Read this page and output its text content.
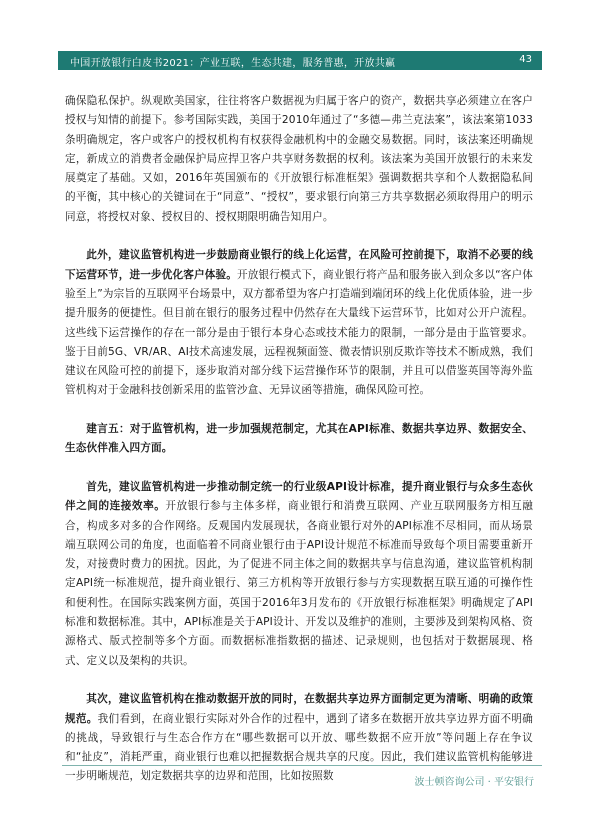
中国开放银行白皮书2021：产业互联，生态共建，服务普惠，开放共赢	43

确保隐私保护。纵观欧美国家，往往将客户数据视为归属于客户的资产，数据共享必须建立在客户授权与知情的前提下。参考国际实践，美国于2010年通过了“多德—弗兰克法案”，该法案第1033条明确规定，客户或客户的授权机构有权获得金融机构中的金融交易数据。同时，该法案还明确规定，新成立的消费者金融保护局应捍卫客户共享财务数据的权利。该法案为美国开放银行的未来发展奠定了基础。又如，2016年英国颁布的《开放银行标准框架》强调数据共享和个人数据隐私间的平衡，其中核心的关键词在于“同意”、“授权”，要求银行向第三方共享数据必须取得用户的明示同意，将授权对象、授权目的、授权期限明确告知用户。

此外，建议监管机构进一步鼓励商业银行的线上化运营，在风险可控前提下，取消不必要的线下运营环节，进一步优化客户体验。开放银行模式下，商业银行将产品和服务嵌入到众多以“客户体验至上”为宗旨的互联网平台场景中，双方都希望为客户打造端到端闭环的线上化优质体验，进一步提升服务的便捷性。但目前在银行的服务过程中仍然存在大量线下运营环节，比如对公开户流程。这些线下运营操作的存在一部分是由于银行本身心态或技术能力的限制，一部分是由于监管要求。鉴于目前5G、VR/AR、AI技术高速发展，远程视频面签、微表情识别反欺诈等技术不断成熟，我们建议在风险可控的前提下，逐步取消对部分线下运营操作环节的限制，并且可以借鉴英国等海外监管机构对于金融科技创新采用的监管沙盒、无异议函等措施，确保风险可控。

建言五：对于监管机构，进一步加强规范制定，尤其在API标准、数据共享边界、数据安全、生态伙伴准入四方面。

首先，建议监管机构进一步推动制定统一的行业级API设计标准，提升商业银行与众多生态伙伴之间的连接效率。开放银行参与主体多样，商业银行和消费互联网、产业互联网服务方相互融合，构成多对多的合作网络。反观国内发展现状，各商业银行对外的API标准不尽相同，而从场景端互联网公司的角度，也面临着不同商业银行由于API设计规范不标准而导致每个项目需要重新开发，对接费时费力的困扰。因此，为了促进不同主体之间的数据共享与信息沟通，建议监管机构制定API统一标准规范，提升商业银行、第三方机构等开放银行参与方实现数据互联互通的可操作性和便利性。在国际实践案例方面，英国于2016年3月发布的《开放银行标准框架》明确规定了API标准和数据标准。其中，API标准是关于API设计、开发以及维护的准则，主要涉及到架构风格、资源格式、版式控制等多个方面。而数据标准指数据的描述、记录规则，也包括对于数据展现、格式、定义以及架构的共识。

其次，建议监管机构在推动数据开放的同时，在数据共享边界方面制定更为清晰、明确的政策规范。我们看到，在商业银行实际对外合作的过程中，遇到了诸多在数据开放共享边界方面不明确的挑战，导致银行与生态合作方在“哪些数据可以开放、哪些数据不应开放”等问题上存在争议和“扯皮”，消耗严重，商业银行也难以把握数据合规共享的尺度。因此，我们建议监管机构能够进一步明晰规范，划定数据共享的边界和范围，比如按照数

波士顿咨询公司 · 平安银行
